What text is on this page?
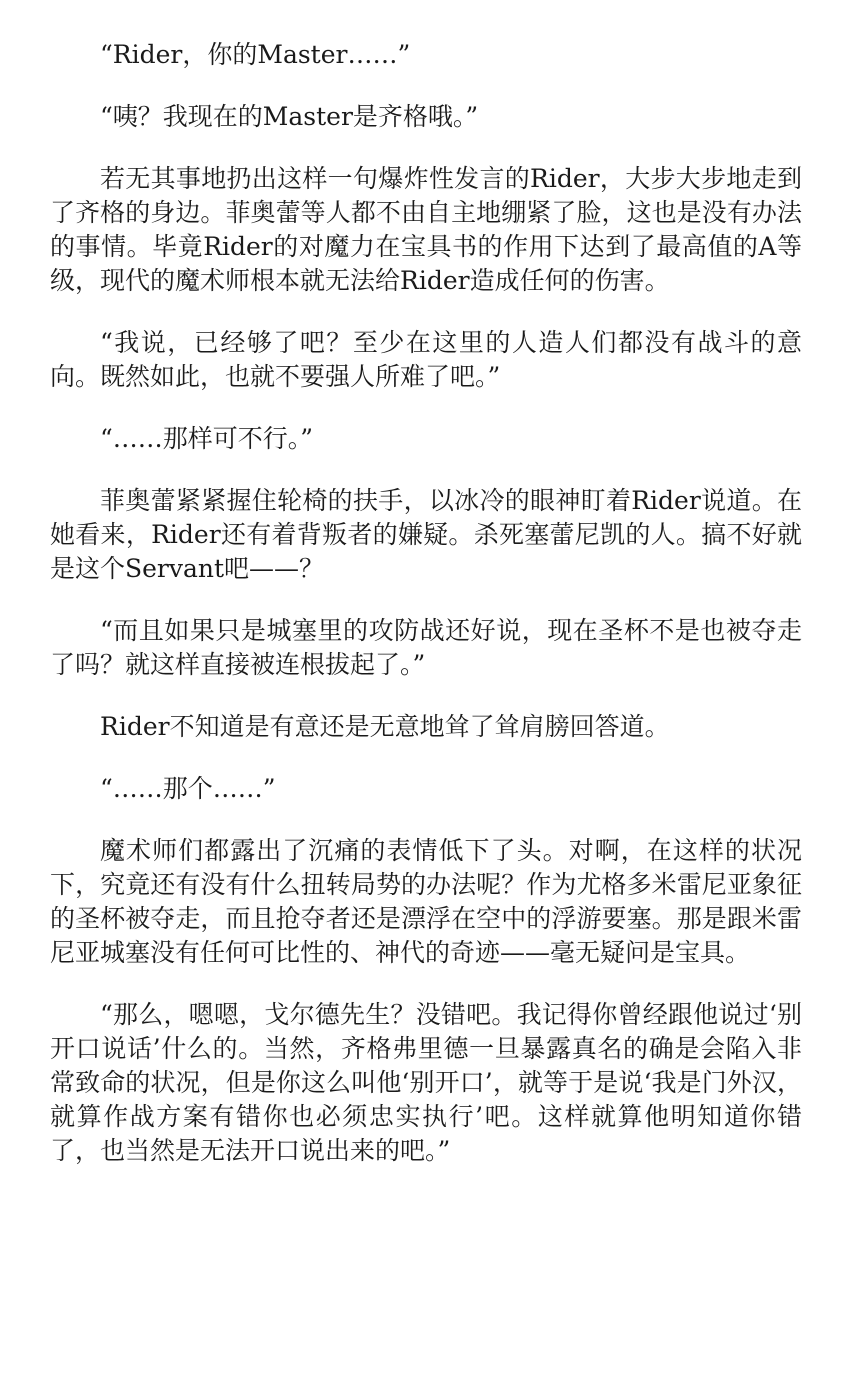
“Rider，你的Master……”

“咦？我现在的Master是齐格哦。”

若无其事地扔出这样一句爆炸性发言的Rider，大步大步地走到了齐格的身边。菲奥蕾等人都不由自主地绷紧了脸，这也是没有办法的事情。毕竟Rider的对魔力在宝具书的作用下达到了最高值的A等级，现代的魔术师根本就无法给Rider造成任何的伤害。

“我说，已经够了吧？至少在这里的人造人们都没有战斗的意向。既然如此，也就不要强人所难了吧。”

“……那样可不行。”

菲奥蕾紧紧握住轮椅的扶手，以冰冷的眼神盯着Rider说道。在她看来，Rider还有着背叛者的嫌疑。杀死塞蕾尼凯的人。搞不好就是这个Servant吧——？

“而且如果只是城塞里的攻防战还好说，现在圣杯不是也被夺走了吗？就这样直接被连根拔起了。”

Rider不知道是有意还是无意地耸了耸肩膀回答道。

“……那个……”

魔术师们都露出了沉痛的表情低下了头。对啊，在这样的状况下，究竟还有没有什么扭转局势的办法呢？作为尤格多米雷尼亚象征的圣杯被夺走，而且抢夺者还是漂浮在空中的浮游要塞。那是跟米雷尼亚城塞没有任何可比性的、神代的奇迹——毫无疑问是宝具。

“那么，嗯嗯，戈尔德先生？没错吧。我记得你曾经跟他说过‘别开口说话’什么的。当然，齐格弗里德一旦暴露真名的确是会陷入非常致命的状况，但是你这么叫他‘别开口’，就等于是说‘我是门外汉，就算作战方案有错你也必须忠实执行’吧。这样就算他明知道你错了，也当然是无法开口说出来的吧。”
